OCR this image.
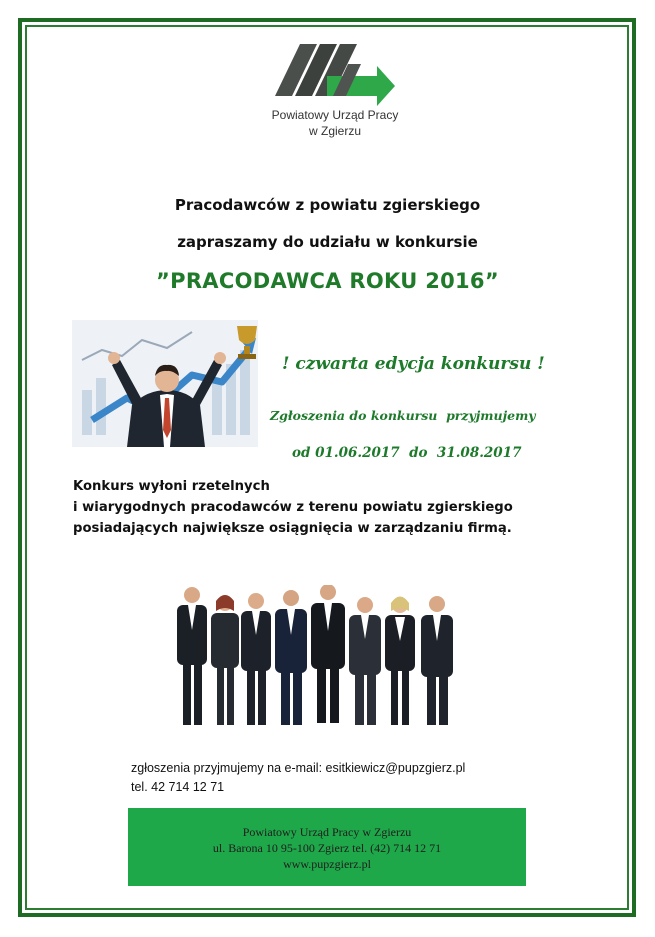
Powiatowy Urząd Pracy
w Zgierzu
Pracodawców z powiatu zgierskiego
zapraszamy do udziału w konkursie
”PRACODAWCA ROKU 2016”
! czwarta edycja konkursu !
Zgłoszenia do konkursu  przyjmujemy
od 01.06.2017  do  31.08.2017
Konkurs wyłoni rzetelnych
i wiarygodnych pracodawców z terenu powiatu zgierskiego
posiadających największe osiągnięcia w zarządzaniu firmą.
zgłoszenia przyjmujemy na e-mail: esitkiewicz@pupzgierz.pl
tel. 42 714 12 71
Powiatowy Urząd Pracy w Zgierzu
ul. Barona 10 95-100 Zgierz tel. (42) 714 12 71
www.pupzgierz.pl
